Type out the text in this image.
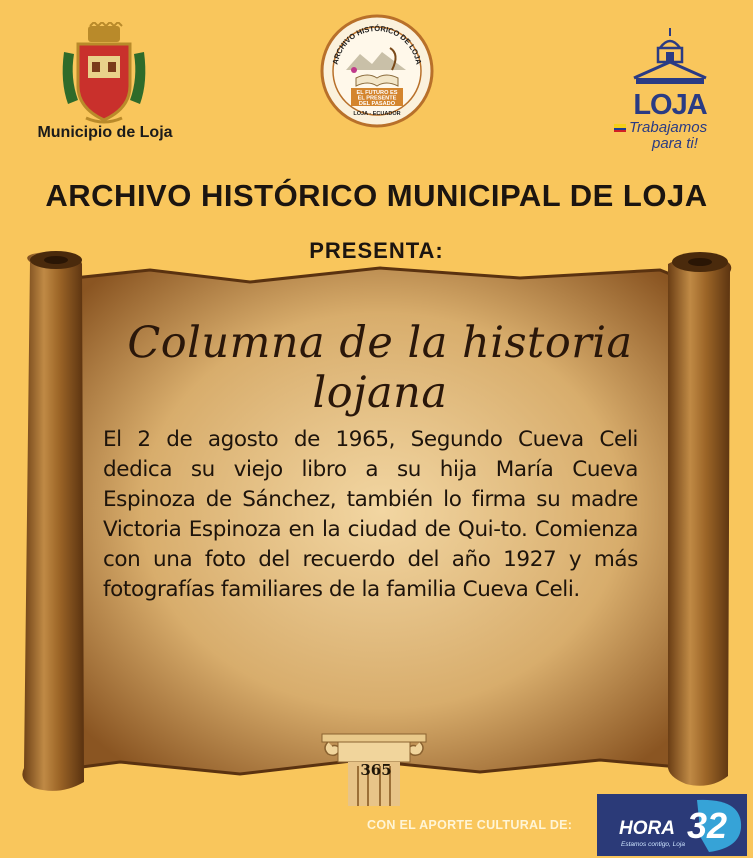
Municipio de Loja
ARCHIVO HISTÓRICO DE LOJA
EL FUTURO ES
EL PRESENTE
DEL PASADO
LOJA - ECUADOR	LOJA
Trabajamos
para ti!
ARCHIVO HISTÓRICO MUNICIPAL DE LOJA
PRESENTA:
Columna de la historia lojana
El 2 de agosto de 1965, Segundo Cueva Celi dedica su viejo libro a su hija María Cueva Espinoza de Sánchez, también lo firma su madre Victoria Espinoza en la ciudad de Qui-to. Comienza con una foto del recuerdo del año 1927 y más fotografías familiares de la familia Cueva Celi.
365
CON EL APORTE CULTURAL DE:	HORA 32
Estamos contigo, Loja
